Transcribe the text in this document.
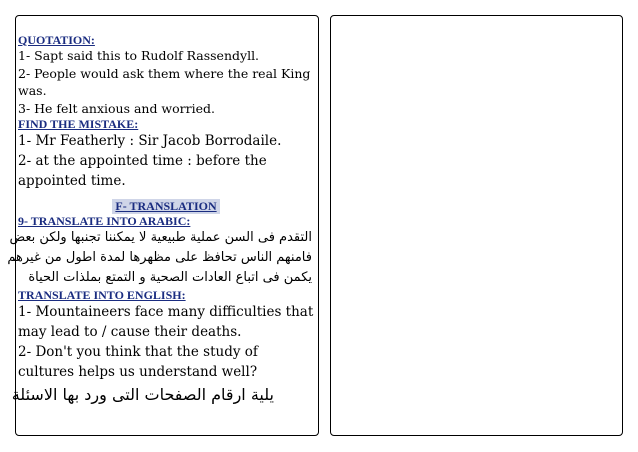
QUOTATION:
1- Sapt said this to Rudolf Rassendyll.
2- People would ask them where the real King
was.
3- He felt anxious and worried.
FIND THE MISTAKE:
1- Mr Featherly : Sir Jacob Borrodaile.
2- at the appointed time : before the
appointed time.
F- TRANSLATION
9- TRANSLATE INTO ARABIC:
التقدم فى السن عملية طبيعية لا يمكننا تجنبها ولكن بعض
فامنهم الناس تحافظ على مظهرها لمدة اطول من غيرهم
يكمن فى اتباع العادات الصحية و التمتع بملذات الحياة
TRANSLATE INTO ENGLISH:
1- Mountaineers face many difficulties that
may lead to / cause their deaths.
2- Don't you think that the study of
cultures helps us understand well?
يلية ارقام الصفحات التى ورد بها الاسئلة
